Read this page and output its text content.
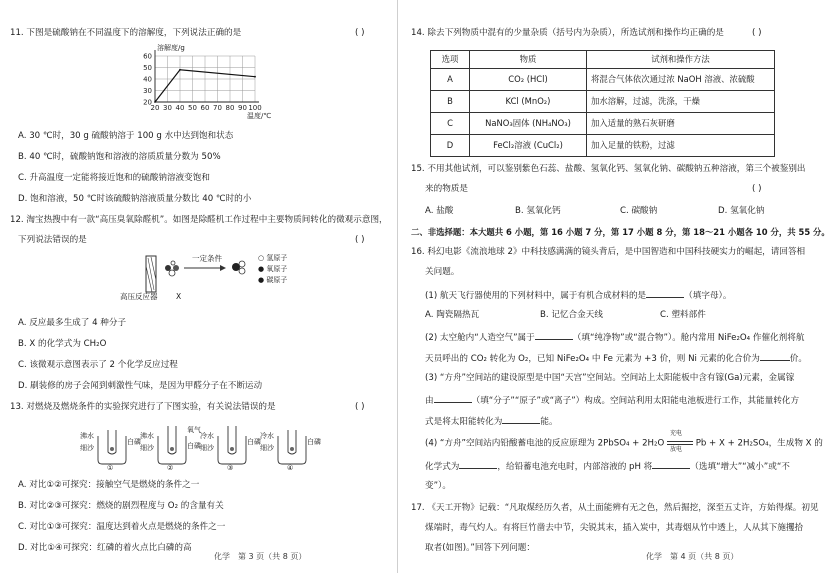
11. 下图是硫酸钠在不同温度下的溶解度，下列说法正确的是	( )
20
30
40
50
60
20 30 40 50 60 70 80 90 100
溶解度/g
温度/℃
A. 30 ℃时，30 g 硫酸钠溶于 100 g 水中达到饱和状态
B. 40 ℃时，硫酸钠饱和溶液的溶质质量分数为 50%
C. 升高温度一定能将接近饱和的硫酸钠溶液变饱和
D. 饱和溶液，50 ℃时该硫酸钠溶液质量分数比 40 ℃时的小
12. 淘宝热搜中有一款“高压臭氧除醛机”。如图是除醛机工作过程中主要物质间转化的微观示意图，
下列说法错误的是	( )
一定条件	○ 氢原子
● 氧原子
● 碳原子
高压反应器 X
A. 反应最多生成了 4 种分子
B. X 的化学式为 CH₂O
C. 该微观示意图表示了 2 个化学反应过程
D. 刷装修的房子会闻到刺激性气味，是因为甲醛分子在不断运动
13. 对燃烧及燃烧条件的实验探究进行了下图实验，有关说法错误的是	( )
沸水
细沙
白磷
①
沸水
细沙	白磷
②
氧气
冷水
细沙
白磷
③
冷水
细沙
白磷
④
A. 对比①②可探究：接触空气是燃烧的条件之一
B. 对比②③可探究：燃烧的剧烈程度与 O₂ 的含量有关
C. 对比①③可探究：温度达到着火点是燃烧的条件之一
D. 对比①④可探究：红磷的着火点比白磷的高
化学　第 3 页（共 8 页）
14. 除去下列物质中混有的少量杂质（括号内为杂质），所选试剂和操作均正确的是	( )
选项	物质	试剂和操作方法
A	CO₂ (HCl)	将混合气体依次通过浓 NaOH 溶液、浓硫酸
B	KCl (MnO₂)	加水溶解，过滤，洗涤，干燥
C	NaNO₃固体 (NH₄NO₃)	加入适量的熟石灰研磨
D	FeCl₂溶液 (CuCl₂)	加入足量的铁粉，过滤
15. 不用其他试剂，可以鉴别紫色石蕊、盐酸、氢氧化钙、氢氧化钠、碳酸钠五种溶液，第三个被鉴别出
来的物质是	( )
A. 盐酸	B. 氢氧化钙	C. 碳酸钠	D. 氢氧化钠
二、非选择题：本大题共 6 小题，第 16 小题 7 分，第 17 小题 8 分，第 18～21 小题各 10 分，共 55 分。
16. 科幻电影《流浪地球 2》中科技感满满的镜头背后，是中国智造和中国科技硬实力的崛起，请回答相
关问题。
(1) 航天飞行器使用的下列材料中，属于有机合成材料的是	（填字母）。
A. 陶瓷隔热瓦	B. 记忆合金天线	C. 塑料部件
(2) 太空舱内“人造空气”属于	（填“纯净物”或“混合物”）。舱内常用 NiFe₂O₄ 作催化剂将航
天员呼出的 CO₂ 转化为 O₂，已知 NiFe₂O₄ 中 Fe 元素为 +3 价，则 Ni 元素的化合价为	价。
(3) “方舟”空间站的建设原型是中国“天宫”空间站。空间站上太阳能板中含有镓(Ga)元素，金属镓
由	（填“分子”“原子”或“离子”）构成。空间站利用太阳能电池板进行工作，其能量转化方
式是将太阳能转化为	能。
(4) “方舟”空间站内铅酸蓄电池的反应原理为 2PbSO₄ + 2H₂O
充电
放电
Pb + X + 2H₂SO₄，生成物 X 的
化学式为	，给铅蓄电池充电时，内部溶液的 pH 将	（选填“增大”“减小”或“不
变”）。
17. 《天工开物》记载：“凡取煤经历久者，从土面能辨有无之色，然后掘挖，深至五丈许，方始得煤。初见
煤端时，毒气灼人。有将巨竹凿去中节，尖锐其末，插入炭中，其毒烟从竹中透上，人从其下施攫拾
取者(如图)。”回答下列问题：
化学　第 4 页（共 8 页）
